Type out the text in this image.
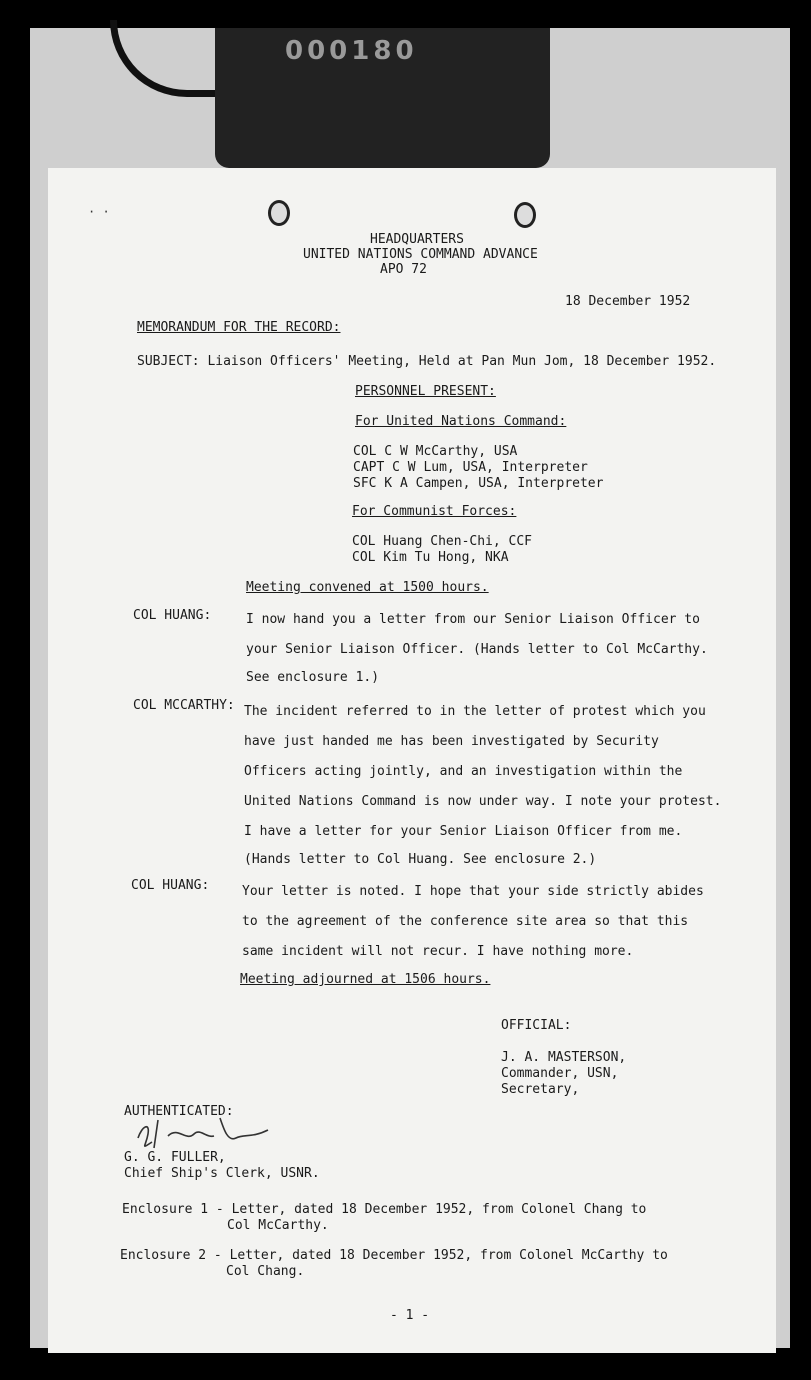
000180
· ·
HEADQUARTERS
UNITED NATIONS COMMAND ADVANCE
APO 72
18 December 1952
MEMORANDUM FOR THE RECORD:
SUBJECT: Liaison Officers' Meeting, Held at Pan Mun Jom, 18 December 1952.
PERSONNEL PRESENT:
For United Nations Command:
COL C W McCarthy, USA
CAPT C W Lum, USA, Interpreter
SFC K A Campen, USA, Interpreter
For Communist Forces:
COL Huang Chen-Chi, CCF
COL Kim Tu Hong, NKA
Meeting convened at 1500 hours.
COL HUANG:	I now hand you a letter from our Senior Liaison Officer to
your Senior Liaison Officer. (Hands letter to Col McCarthy.
See enclosure 1.)
COL MCCARTHY: The incident referred to in the letter of protest which you
have just handed me has been investigated by Security
Officers acting jointly, and an investigation within the
United Nations Command is now under way. I note your protest.
I have a letter for your Senior Liaison Officer from me.
(Hands letter to Col Huang. See enclosure 2.)
COL HUANG:	Your letter is noted. I hope that your side strictly abides
to the agreement of the conference site area so that this
same incident will not recur. I have nothing more.
Meeting adjourned at 1506 hours.
OFFICIAL:
J. A. MASTERSON,
Commander, USN,
Secretary,
AUTHENTICATED:
G. G. FULLER,
Chief Ship's Clerk, USNR.
Enclosure 1 - Letter, dated 18 December 1952, from Colonel Chang to
Col McCarthy.
Enclosure 2 - Letter, dated 18 December 1952, from Colonel McCarthy to
Col Chang.
- 1 -
